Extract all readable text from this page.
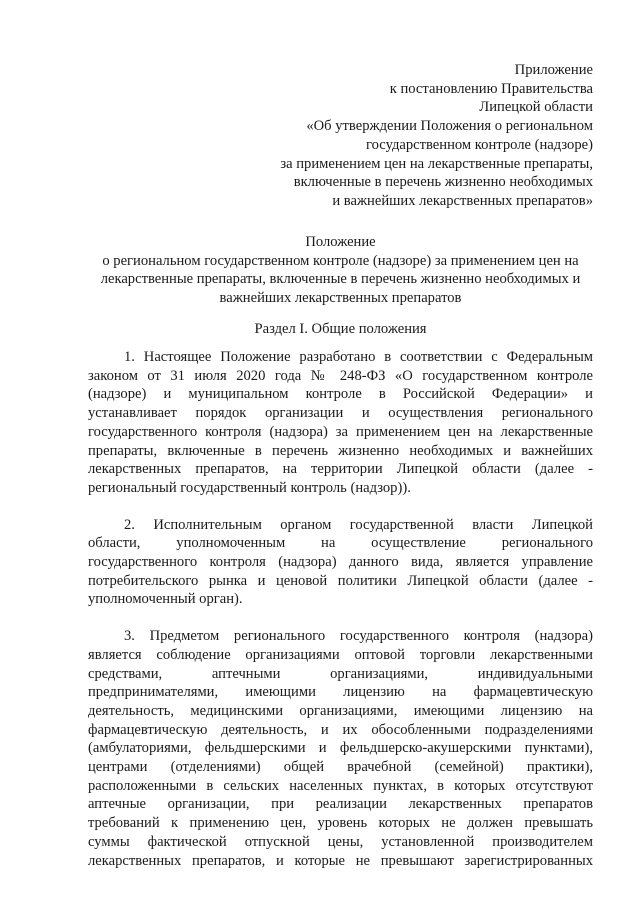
Приложение
к постановлению Правительства
Липецкой области
«Об утверждении Положения о региональном
государственном контроле (надзоре)
за применением цен на лекарственные препараты,
включенные в перечень жизненно необходимых
и важнейших лекарственных препаратов»
Положение
о региональном государственном контроле (надзоре) за применением цен на
лекарственные препараты, включенные в перечень жизненно необходимых и
важнейших лекарственных препаратов
Раздел I. Общие положения
1. Настоящее Положение разработано в соответствии с Федеральным
законом от 31 июля 2020 года № 248-ФЗ «О государственном контроле
(надзоре) и муниципальном контроле в Российской Федерации» и
устанавливает порядок организации и осуществления регионального
государственного контроля (надзора) за применением цен на лекарственные
препараты, включенные в перечень жизненно необходимых и важнейших
лекарственных препаратов, на территории Липецкой области (далее -
региональный государственный контроль (надзор)).
2. Исполнительным органом государственной власти Липецкой
области, уполномоченным на осуществление регионального
государственного контроля (надзора) данного вида, является управление
потребительского рынка и ценовой политики Липецкой области (далее -
уполномоченный орган).
3. Предметом регионального государственного контроля (надзора)
является соблюдение организациями оптовой торговли лекарственными
средствами, аптечными организациями, индивидуальными
предпринимателями, имеющими лицензию на фармацевтическую
деятельность, медицинскими организациями, имеющими лицензию на
фармацевтическую деятельность, и их обособленными подразделениями
(амбулаториями, фельдшерскими и фельдшерско-акушерскими пунктами),
центрами (отделениями) общей врачебной (семейной) практики),
расположенными в сельских населенных пунктах, в которых отсутствуют
аптечные организации, при реализации лекарственных препаратов
требований к применению цен, уровень которых не должен превышать
суммы фактической отпускной цены, установленной производителем
лекарственных препаратов, и которые не превышают зарегистрированных
